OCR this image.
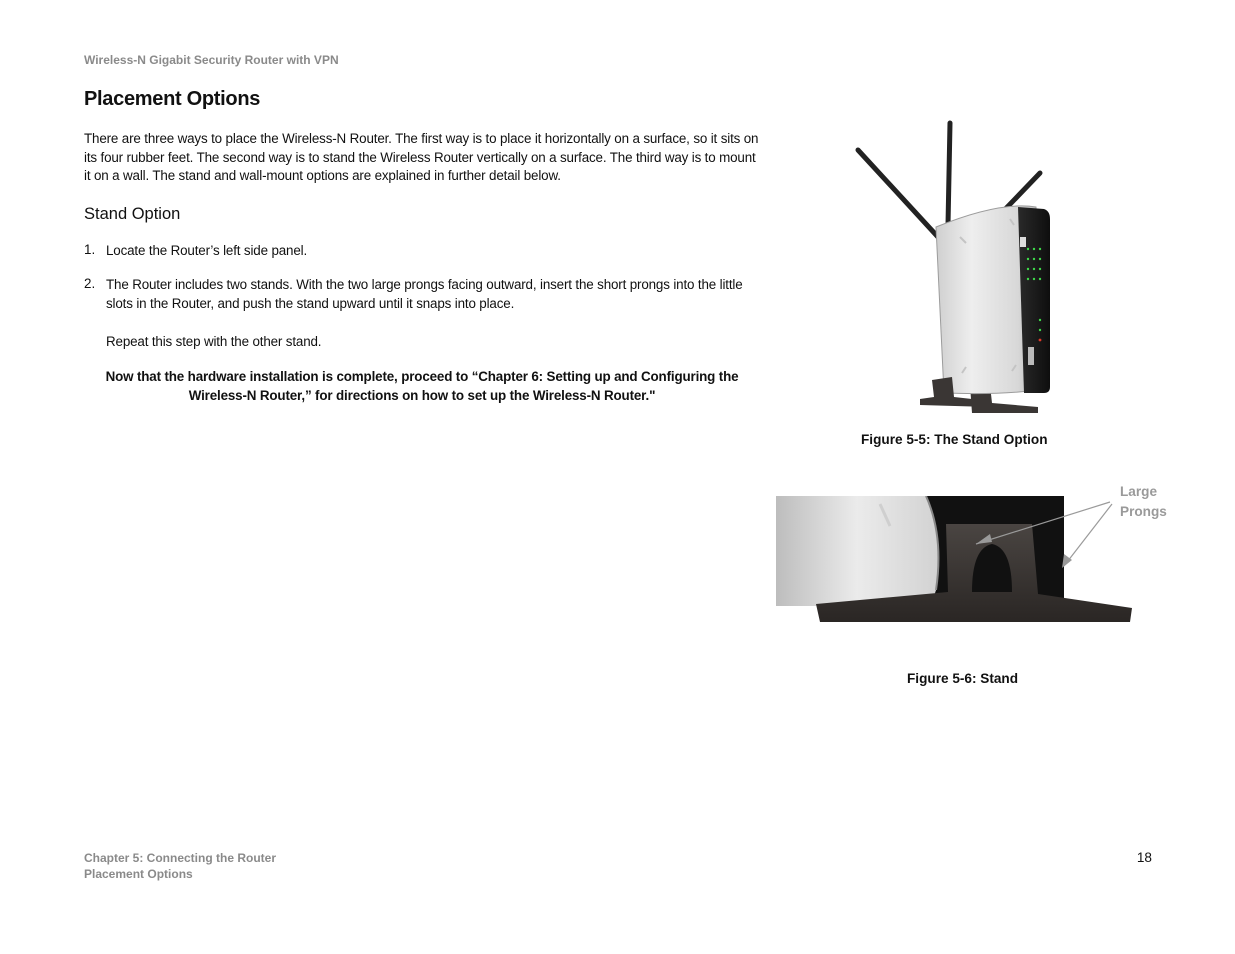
Wireless-N Gigabit Security Router with VPN
Placement Options

There are three ways to place the Wireless-N Router. The first way is to place it horizontally on a surface, so it sits on its four rubber feet. The second way is to stand the Wireless Router vertically on a surface. The third way is to mount it on a wall. The stand and wall-mount options are explained in further detail below.

Stand Option
1. Locate the Router’s left side panel.
2. The Router includes two stands. With the two large prongs facing outward, insert the short prongs into the little slots in the Router, and push the stand upward until it snaps into place.
Repeat this step with the other stand.
Now that the hardware installation is complete, proceed to “Chapter 6: Setting up and Configuring the Wireless-N Router,” for directions on how to set up the Wireless-N Router."
Figure 5-5: The Stand Option
Large
Prongs
Figure 5-6: Stand
Chapter 5: Connecting the Router
Placement Options
18
